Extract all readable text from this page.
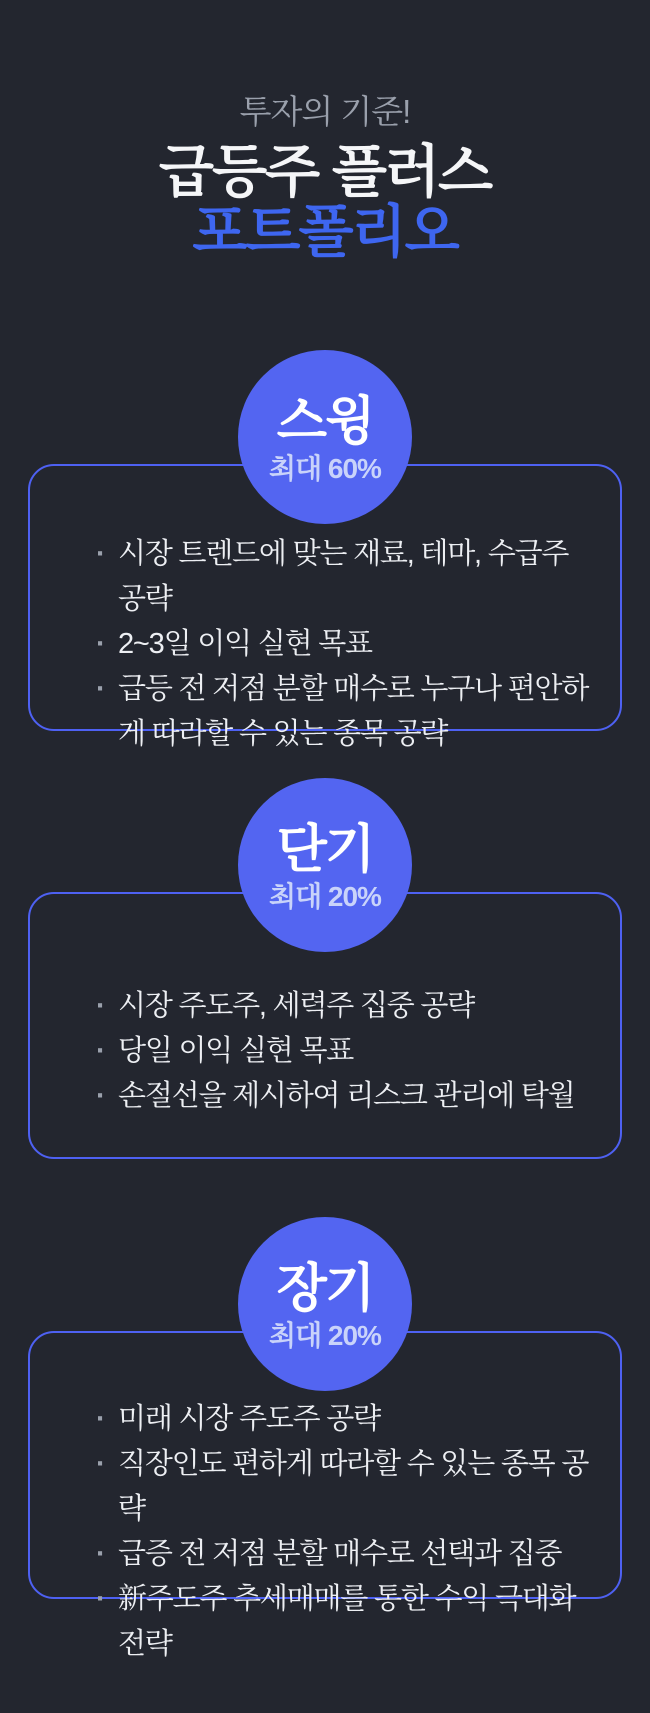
투자의 기준!
급등주 플러스
포트폴리오
스윙
최대 60%
· 시장 트렌드에 맞는 재료, 테마, 수급주 공략
· 2~3일 이익 실현 목표
· 급등 전 저점 분할 매수로 누구나 편안하게 따라할 수 있는 종목 공략
단기
최대 20%
· 시장 주도주, 세력주 집중 공략
· 당일 이익 실현 목표
· 손절선을 제시하여 리스크 관리에 탁월
장기
최대 20%
· 미래 시장 주도주 공략
· 직장인도 편하게 따라할 수 있는 종목 공략
· 급증 전 저점 분할 매수로 선택과 집중
· 新주도주 추세매매를 통한 수익 극대화 전략
